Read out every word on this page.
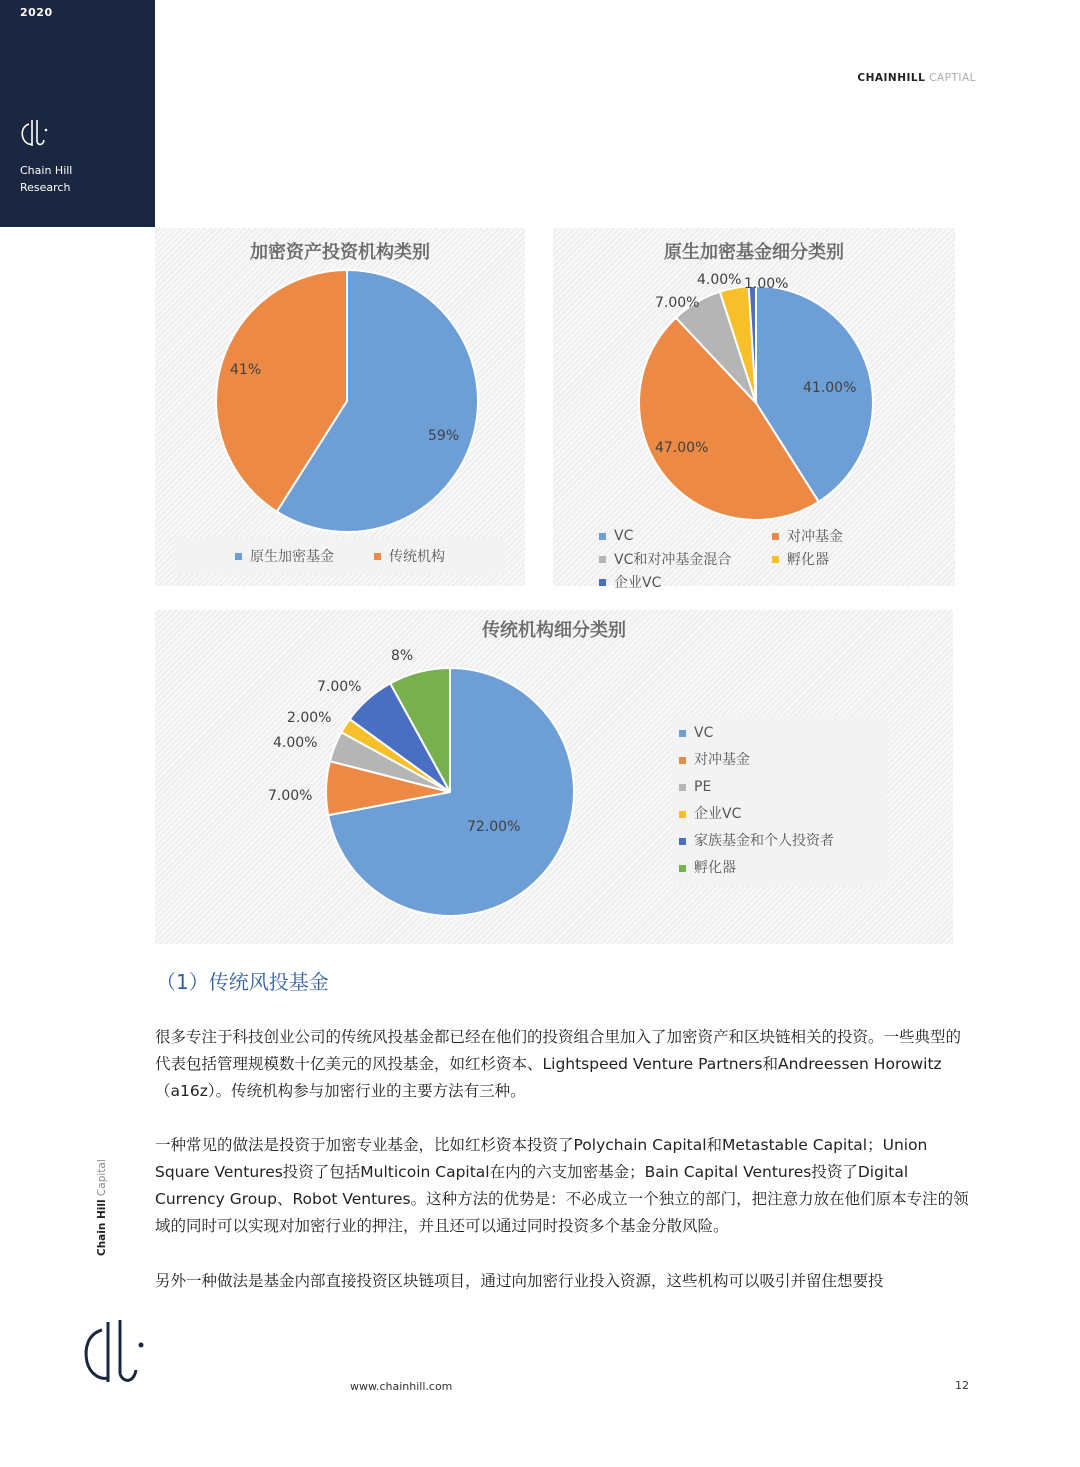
2020
Chain Hill
Research
CHAINHILL CAPTIAL
加密资产投资机构类别
59%
41%
原生加密基金	传统机构
原生加密基金细分类别
41.00%
47.00%
7.00%
4.00% 1.00%
VC	对冲基金
VC和对冲基金混合	孵化器
企业VC
传统机构细分类别
72.00%
7.00%
4.00%
2.00%
7.00%
8%
VC
对冲基金
PE
企业VC
家族基金和个人投资者
孵化器
（1）传统风投基金

很多专注于科技创业公司的传统风投基金都已经在他们的投资组合里加入了加密资产和区块链相关的投资。一些典型的代表包括管理规模数十亿美元的风投基金，如红杉资本、Lightspeed Venture Partners和Andreessen Horowitz（a16z）。传统机构参与加密行业的主要方法有三种。

一种常见的做法是投资于加密专业基金，比如红杉资本投资了Polychain Capital和Metastable Capital；Union Square Ventures投资了包括Multicoin Capital在内的六支加密基金；Bain Capital Ventures投资了Digital Currency Group、Robot Ventures。这种方法的优势是：不必成立一个独立的部门，把注意力放在他们原本专注的领域的同时可以实现对加密行业的押注，并且还可以通过同时投资多个基金分散风险。

另外一种做法是基金内部直接投资区块链项目，通过向加密行业投入资源，这些机构可以吸引并留住想要投

Chain Hill Capital
www.chainhill.com	12
